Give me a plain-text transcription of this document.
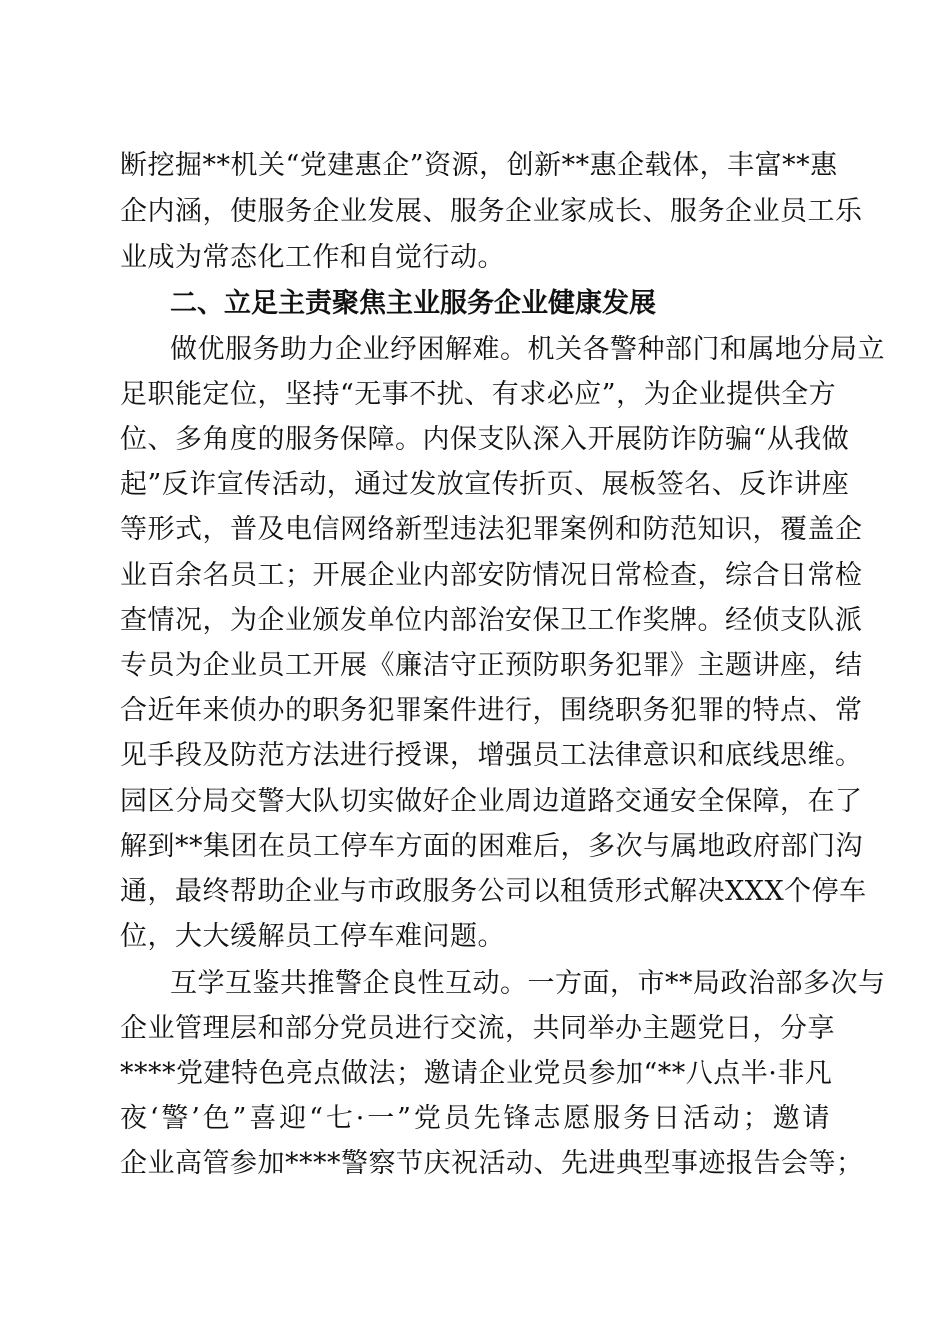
断挖掘**机关“党建惠企”资源，创新**惠企载体，丰富**惠
企内涵，使服务企业发展、服务企业家成长、服务企业员工乐
业成为常态化工作和自觉行动。
二、立足主责聚焦主业服务企业健康发展
做优服务助力企业纾困解难。机关各警种部门和属地分局立
足职能定位，坚持“无事不扰、有求必应”，为企业提供全方
位、多角度的服务保障。内保支队深入开展防诈防骗“从我做
起”反诈宣传活动，通过发放宣传折页、展板签名、反诈讲座
等形式，普及电信网络新型违法犯罪案例和防范知识，覆盖企
业百余名员工；开展企业内部安防情况日常检查，综合日常检
查情况，为企业颁发单位内部治安保卫工作奖牌。经侦支队派
专员为企业员工开展《廉洁守正预防职务犯罪》主题讲座，结
合近年来侦办的职务犯罪案件进行，围绕职务犯罪的特点、常
见手段及防范方法进行授课，增强员工法律意识和底线思维。
园区分局交警大队切实做好企业周边道路交通安全保障，在了
解到**集团在员工停车方面的困难后，多次与属地政府部门沟
通，最终帮助企业与市政服务公司以租赁形式解决XXX个停车
位，大大缓解员工停车难问题。
互学互鉴共推警企良性互动。一方面，市**局政治部多次与
企业管理层和部分党员进行交流，共同举办主题党日，分享
****党建特色亮点做法；邀请企业党员参加“**八点半·非凡
夜‘警’色”喜迎“七·一”党员先锋志愿服务日活动；邀请
企业高管参加****警察节庆祝活动、先进典型事迹报告会等；
